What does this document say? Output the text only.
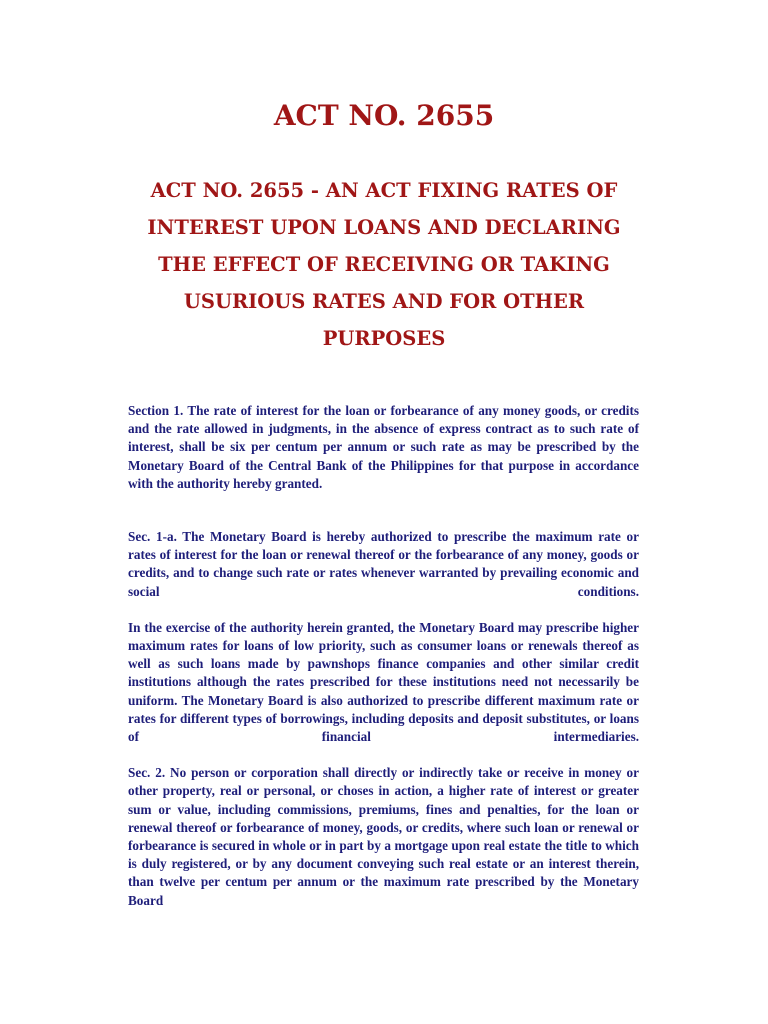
ACT NO. 2655
ACT NO. 2655 - AN ACT FIXING RATES OF INTEREST UPON LOANS AND DECLARING THE EFFECT OF RECEIVING OR TAKING USURIOUS RATES AND FOR OTHER PURPOSES

Section 1. The rate of interest for the loan or forbearance of any money goods, or credits and the rate allowed in judgments, in the absence of express contract as to such rate of interest, shall be six per centum per annum or such rate as may be prescribed by the Monetary Board of the Central Bank of the Philippines for that purpose in accordance with the authority hereby granted.

Sec. 1-a. The Monetary Board is hereby authorized to prescribe the maximum rate or rates of interest for the loan or renewal thereof or the forbearance of any money, goods or credits, and to change such rate or rates whenever warranted by prevailing economic and social conditions.

In the exercise of the authority herein granted, the Monetary Board may prescribe higher maximum rates for loans of low priority, such as consumer loans or renewals thereof as well as such loans made by pawnshops finance companies and other similar credit institutions although the rates prescribed for these institutions need not necessarily be uniform. The Monetary Board is also authorized to prescribe different maximum rate or rates for different types of borrowings, including deposits and deposit substitutes, or loans of financial intermediaries.

Sec. 2. No person or corporation shall directly or indirectly take or receive in money or other property, real or personal, or choses in action, a higher rate of interest or greater sum or value, including commissions, premiums, fines and penalties, for the loan or renewal thereof or forbearance of money, goods, or credits, where such loan or renewal or forbearance is secured in whole or in part by a mortgage upon real estate the title to which is duly registered, or by any document conveying such real estate or an interest therein, than twelve per centum per annum or the maximum rate prescribed by the Monetary Board
